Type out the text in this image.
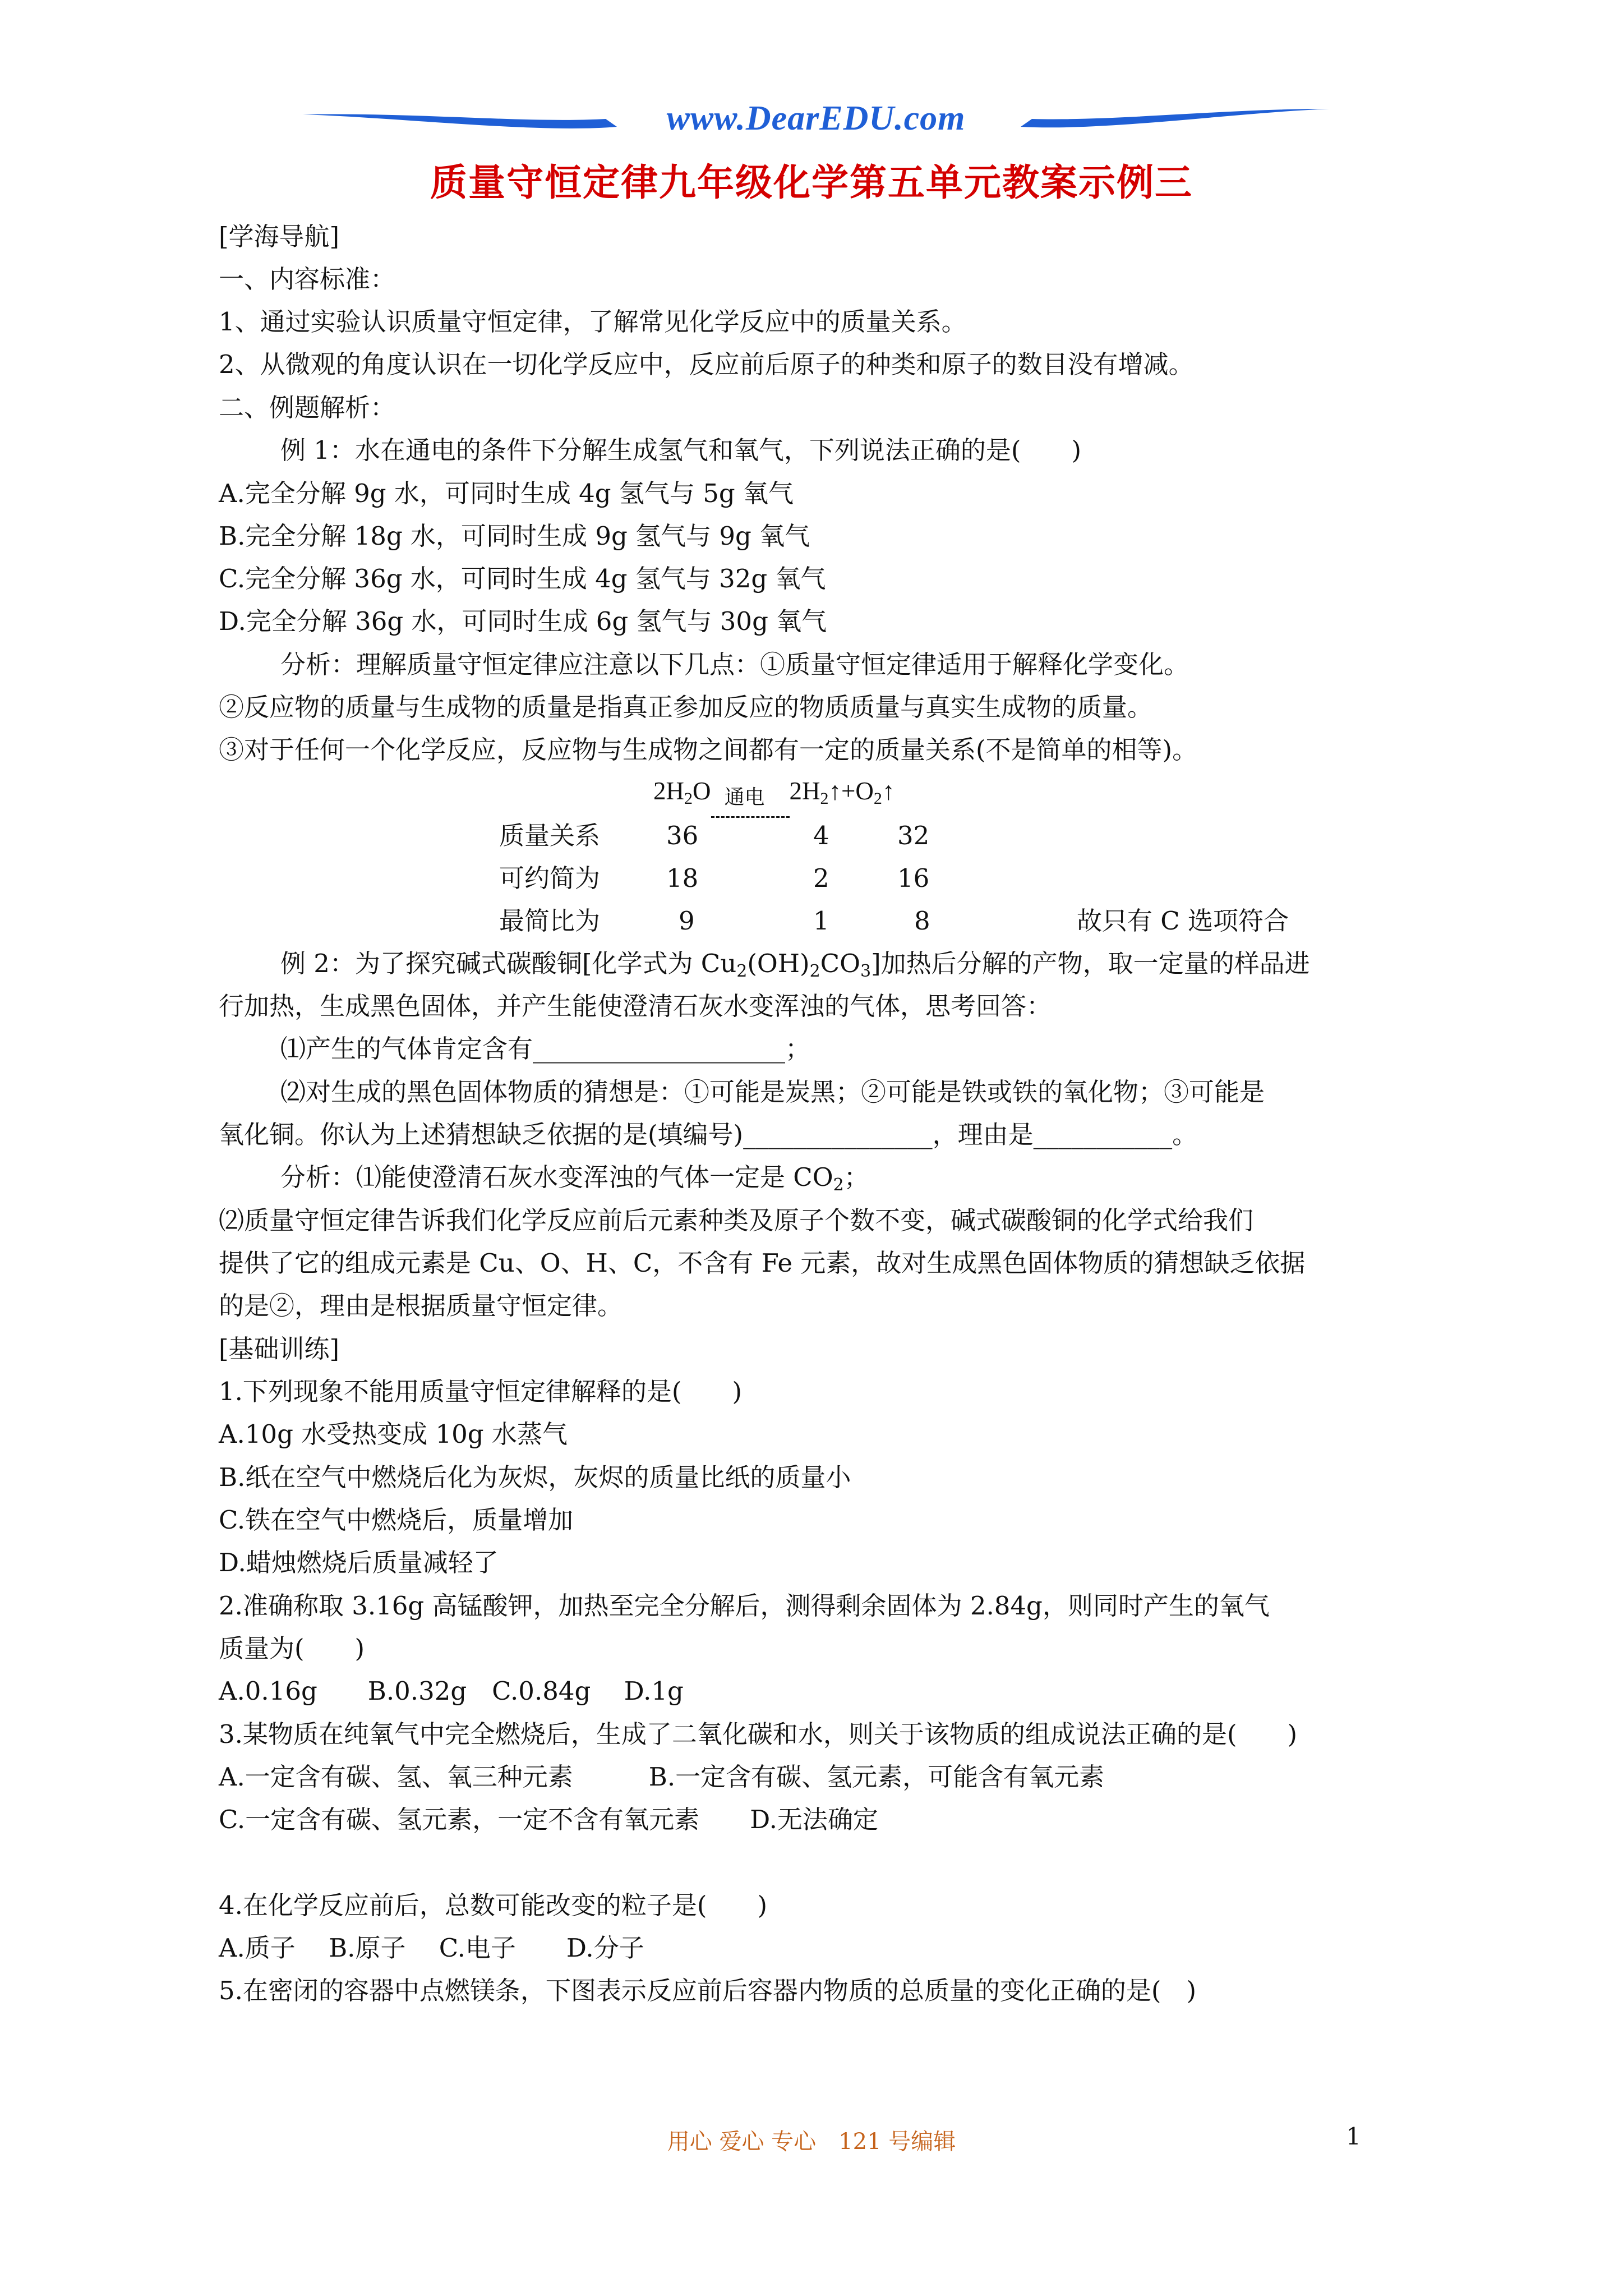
www.DearEDU.com
质量守恒定律九年级化学第五单元教案示例三
[学海导航]
一、内容标准：
1、通过实验认识质量守恒定律，了解常见化学反应中的质量关系。
2、从微观的角度认识在一切化学反应中，反应前后原子的种类和原子的数目没有增减。
二、例题解析：
例 1：水在通电的条件下分解生成氢气和氧气，下列说法正确的是(　　)
A.完全分解 9g 水，可同时生成 4g 氢气与 5g 氧气
B.完全分解 18g 水，可同时生成 9g 氢气与 9g 氧气
C.完全分解 36g 水，可同时生成 4g 氢气与 32g 氧气
D.完全分解 36g 水，可同时生成 6g 氢气与 30g 氧气
分析：理解质量守恒定律应注意以下几点：①质量守恒定律适用于解释化学变化。
②反应物的质量与生成物的质量是指真正参加反应的物质质量与真实生成物的质量。
③对于任何一个化学反应，反应物与生成物之间都有一定的质量关系(不是简单的相等)。
$2H_2O$ 通电 $2H_2↑+O_2↑$
质量关系	36	4	32
可约简为	18	2	16
最简比为	9	1	8	故只有 C 选项符合
例 2：为了探究碱式碳酸铜[化学式为 $Cu_2(OH)_2CO_3$]加热后分解的产物，取一定量的样品进
行加热，生成黑色固体，并产生能使澄清石灰水变浑浊的气体，思考回答：
⑴产生的气体肯定含有____________________；
⑵对生成的黑色固体物质的猜想是：①可能是炭黑；②可能是铁或铁的氧化物；③可能是
氧化铜。你认为上述猜想缺乏依据的是(填编号)_______________，理由是___________。
分析：⑴能使澄清石灰水变浑浊的气体一定是 $CO_2$；
⑵质量守恒定律告诉我们化学反应前后元素种类及原子个数不变，碱式碳酸铜的化学式给我们
提供了它的组成元素是 Cu、O、H、C，不含有 Fe 元素，故对生成黑色固体物质的猜想缺乏依据
的是②，理由是根据质量守恒定律。
[基础训练]
1.下列现象不能用质量守恒定律解释的是(　　)
A.10g 水受热变成 10g 水蒸气
B.纸在空气中燃烧后化为灰烬，灰烬的质量比纸的质量小
C.铁在空气中燃烧后，质量增加
D.蜡烛燃烧后质量减轻了
2.准确称取 3.16g 高锰酸钾，加热至完全分解后，测得剩余固体为 2.84g，则同时产生的氧气
质量为(　　)
A.0.16g　　B.0.32g　C.0.84g　 D.1g
3.某物质在纯氧气中完全燃烧后，生成了二氧化碳和水，则关于该物质的组成说法正确的是(　　)
A.一定含有碳、氢、氧三种元素　　　B.一定含有碳、氢元素，可能含有氧元素
C.一定含有碳、氢元素，一定不含有氧元素　　D.无法确定
4.在化学反应前后，总数可能改变的粒子是(　　)
A.质子　 B.原子　 C.电子　　D.分子
5.在密闭的容器中点燃镁条，下图表示反应前后容器内物质的总质量的变化正确的是(　)
用心 爱心 专心　121 号编辑	1
